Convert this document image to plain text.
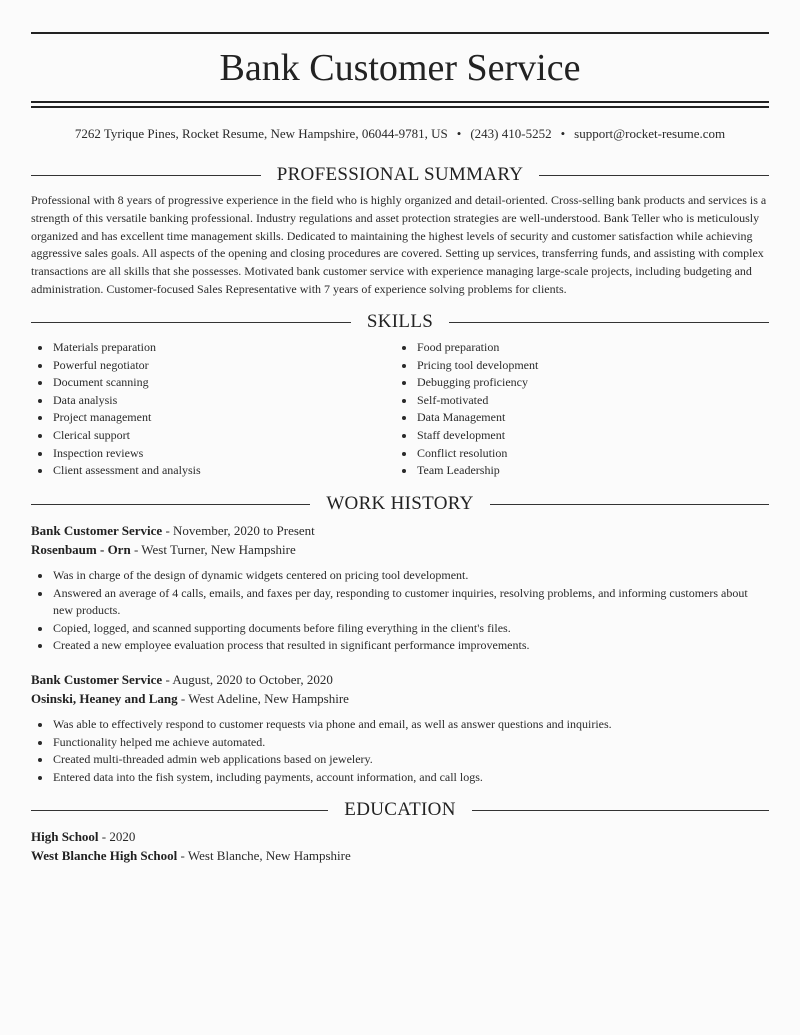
Bank Customer Service
7262 Tyrique Pines, Rocket Resume, New Hampshire, 06044-9781, US • (243) 410-5252 • support@rocket-resume.com
PROFESSIONAL SUMMARY

Professional with 8 years of progressive experience in the field who is highly organized and detail-oriented. Cross-selling bank products and services is a strength of this versatile banking professional. Industry regulations and asset protection strategies are well-understood. Bank Teller who is meticulously organized and has excellent time management skills. Dedicated to maintaining the highest levels of security and customer satisfaction while achieving aggressive sales goals. All aspects of the opening and closing procedures are covered. Setting up services, transferring funds, and assisting with complex transactions are all skills that she possesses. Motivated bank customer service with experience managing large-scale projects, including budgeting and administration. Customer-focused Sales Representative with 7 years of experience solving problems for clients.

SKILLS
Materials preparation
Powerful negotiator
Document scanning
Data analysis
Project management
Clerical support
Inspection reviews
Client assessment and analysis
Food preparation
Pricing tool development
Debugging proficiency
Self-motivated
Data Management
Staff development
Conflict resolution
Team Leadership
WORK HISTORY
Bank Customer Service - November, 2020 to Present
Rosenbaum - Orn - West Turner, New Hampshire
Was in charge of the design of dynamic widgets centered on pricing tool development.
Answered an average of 4 calls, emails, and faxes per day, responding to customer inquiries, resolving problems, and informing customers about new products.
Copied, logged, and scanned supporting documents before filing everything in the client's files.
Created a new employee evaluation process that resulted in significant performance improvements.
Bank Customer Service - August, 2020 to October, 2020
Osinski, Heaney and Lang - West Adeline, New Hampshire
Was able to effectively respond to customer requests via phone and email, as well as answer questions and inquiries.
Functionality helped me achieve automated.
Created multi-threaded admin web applications based on jewelery.
Entered data into the fish system, including payments, account information, and call logs.
EDUCATION
High School - 2020
West Blanche High School - West Blanche, New Hampshire
